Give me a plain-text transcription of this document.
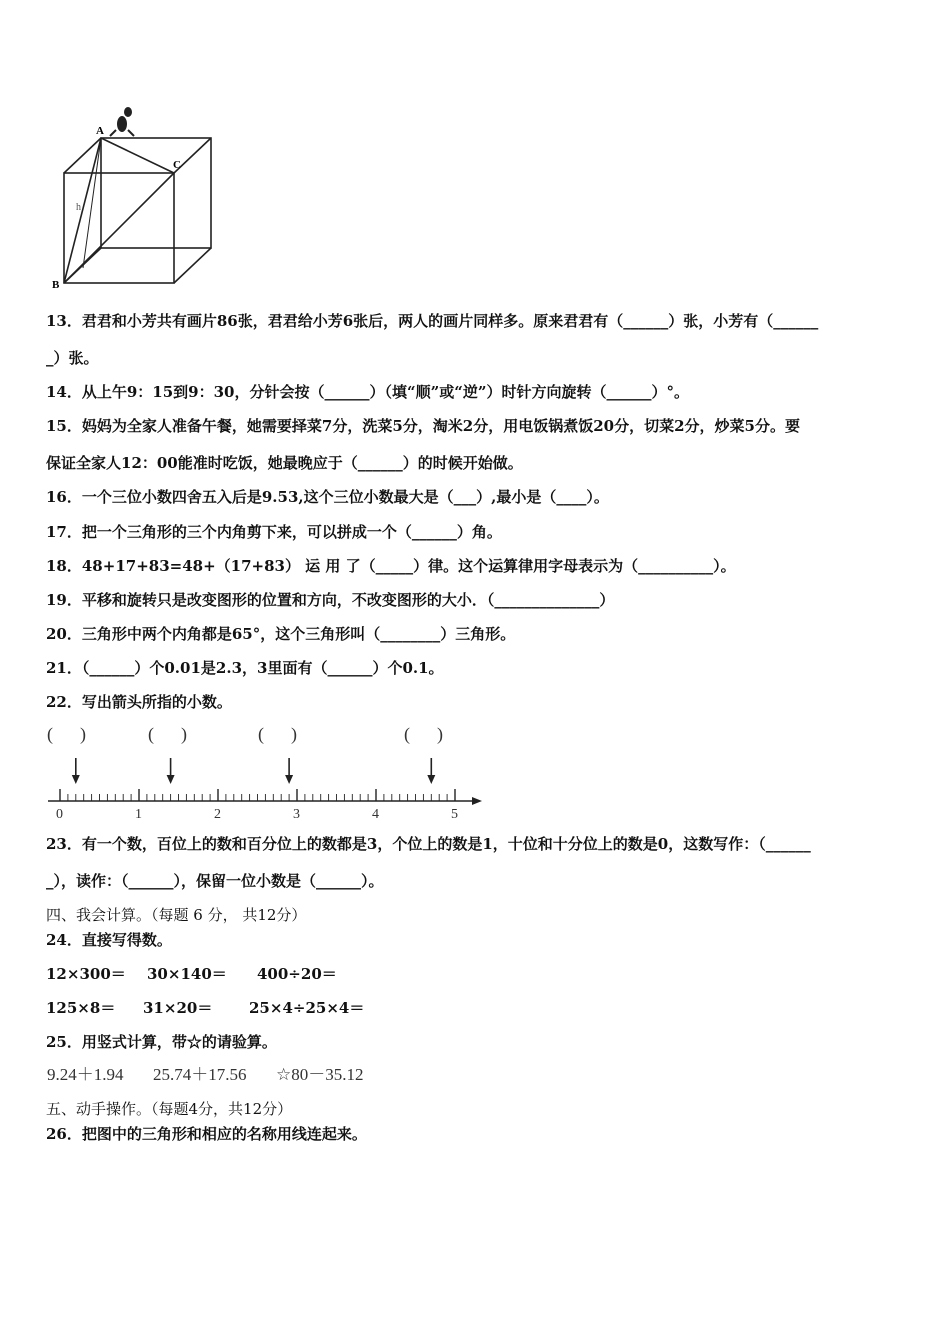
A
C
B
h
13．君君和小芳共有画片86张，君君给小芳6张后，两人的画片同样多。原来君君有（______）张，小芳有（______
_）张。
14．从上午9：15到9：30，分针会按（______）（填“顺”或“逆”）时针方向旋转（______）°。
15．妈妈为全家人准备午餐，她需要择菜7分，洗菜5分，淘米2分，用电饭锅煮饭20分，切菜2分，炒菜5分。要
保证全家人12：00能准时吃饭，她最晚应于（______）的时候开始做。
16．一个三位小数四舍五入后是9.53,这个三位小数最大是（___）,最小是（____）。
17．把一个三角形的三个内角剪下来，可以拼成一个（______）角。
18．48+17+83=48+（17+83） 运 用 了（_____）律。这个运算律用字母表示为（__________）。
19．平移和旋转只是改变图形的位置和方向，不改变图形的大小．（______________）
20．三角形中两个内角都是65°，这个三角形叫（________）三角形。
21．（______）个0.01是2.3，3里面有（______）个0.1。
22．写出箭头所指的小数。
(      )	(      )	(      )	(      )
0	1	2	3	4	5
23．有一个数，百位上的数和百分位上的数都是3，个位上的数是1，十位和十分位上的数是0，这数写作：（______
_），读作：（______），保留一位小数是（______）。
四、我会计算。（每题 6 分， 共12分）
24．直接写得数。
12×300＝ 30×140＝ 400÷20＝
125×8＝ 31×20＝ 25×4÷25×4＝
25．用竖式计算，带☆的请验算。
9.24＋1.94 25.74＋17.56 ☆80－35.12
五、动手操作。（每题4分，共12分）
26．把图中的三角形和相应的名称用线连起来。
